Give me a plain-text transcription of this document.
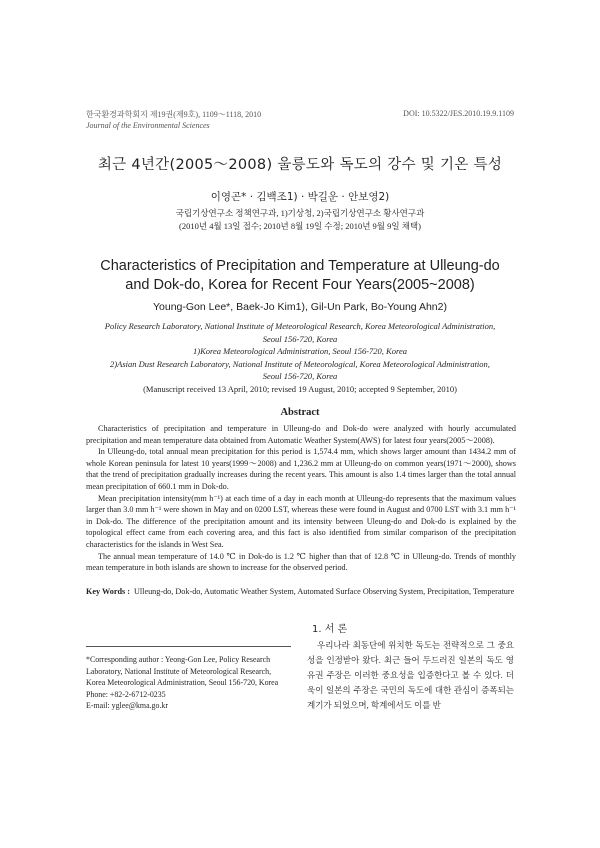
한국환경과학회지 제19권(제9호), 1109～1118, 2010
Journal of the Environmental Sciences
DOI: 10.5322/JES.2010.19.9.1109
최근 4년간(2005～2008) 울릉도와 독도의 강수 및 기온 특성
이영곤* · 김백조1) · 박길운 · 안보영2)
국립기상연구소 정책연구과, 1)기상청, 2)국립기상연구소 황사연구과
(2010년 4월 13일 접수; 2010년 8월 19일 수정; 2010년 9월 9일 채택)
Characteristics of Precipitation and Temperature at Ulleung-do
and Dok-do, Korea for Recent Four Years(2005~2008)
Young-Gon Lee*, Baek-Jo Kim1), Gil-Un Park, Bo-Young Ahn2)
Policy Research Laboratory, National Institute of Meteorological Research, Korea Meteorological Administration,
Seoul 156-720, Korea
1)Korea Meteorological Administration, Seoul 156-720, Korea
2)Asian Dust Research Laboratory, National Institute of Meteorological, Korea Meteorological Administration,
Seoul 156-720, Korea
(Manuscript received 13 April, 2010; revised 19 August, 2010; accepted 9 September, 2010)
Abstract

Characteristics of precipitation and temperature in Ulleung-do and Dok-do were analyzed with hourly accumulated precipitation and mean temperature data obtained from Automatic Weather System(AWS) for latest four years(2005～2008).

In Ulleung-do, total annual mean precipitation for this period is 1,574.4 mm, which shows larger amount than 1434.2 mm of whole Korean peninsula for latest 10 years(1999～2008) and 1,236.2 mm at Ulleung-do on common years(1971～2000), shows that the trend of precipitation gradually increases during the recent years. This amount is also 1.4 times larger than the total annual mean precipitation of 660.1 mm in Dok-do.

Mean precipitation intensity(mm h⁻¹) at each time of a day in each month at Ulleung-do represents that the maximum values larger than 3.0 mm h⁻¹ were shown in May and on 0200 LST, whereas these were found in August and 0700 LST with 3.1 mm h⁻¹ in Dok-do. The difference of the precipitation amount and its intensity between Uleung-do and Dok-do is explained by the topological effect came from each covering area, and this fact is also identified from similar comparison of the precipitation characteristics for the islands in West Sea.

The annual mean temperature of 14.0 ℃ in Dok-do is 1.2 ℃ higher than that of 12.8 ℃ in Ulleung-do. Trends of monthly mean temperature in both islands are shown to increase for the observed period.

Key Words : Ulleung-do, Dok-do, Automatic Weather System, Automated Surface Observing System, Precipitation, Temperature
*Corresponding author : Yeong-Gon Lee, Policy Research
Laboratory, National Institute of Meteorological Research,
Korea Meteorological Administration, Seoul 156-720, Korea
Phone: +82-2-6712-0235
E-mail: yglee@kma.go.kr
1. 서 론
우리나라 최동단에 위치한 독도는 전략적으로 그 중요성을 인정받아 왔다. 최근 들어 두드러진 일본의 독도 영유권 주장은 이러한 중요성을 입증한다고 볼 수 있다. 더욱이 일본의 주장은 국민의 독도에 대한 관심이 증폭되는 계기가 되었으며, 학계에서도 이를 반
